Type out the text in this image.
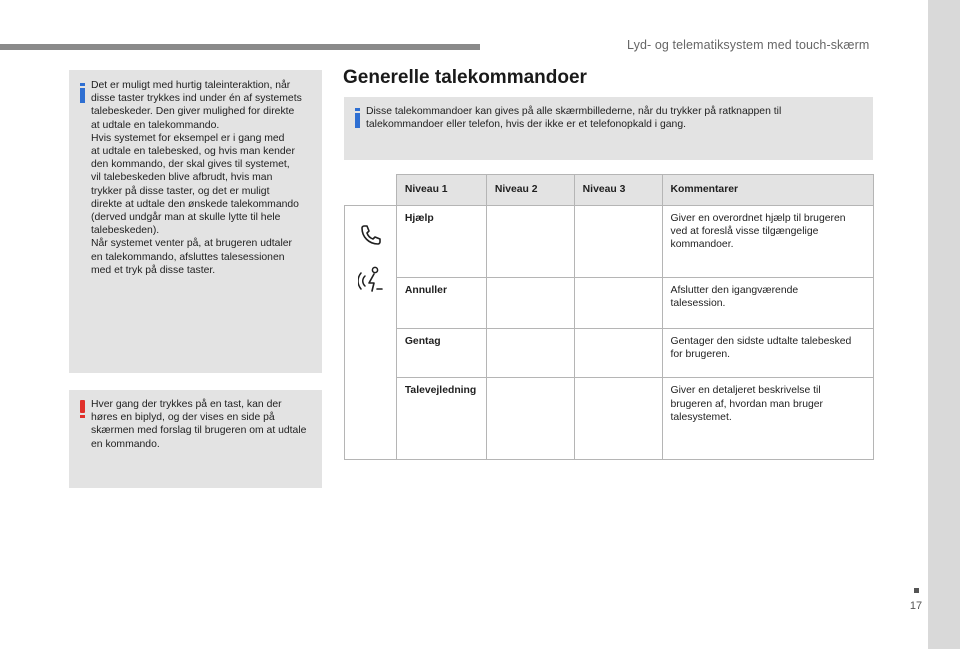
Lyd- og telematiksystem med touch-skærm
17

Det er muligt med hurtig taleinteraktion, når

disse taster trykkes ind under én af systemets

talebeskeder. Den giver mulighed for direkte

at udtale en talekommando.

Hvis systemet for eksempel er i gang med

at udtale en talebesked, og hvis man kender

den kommando, der skal gives til systemet,

vil talebeskeden blive afbrudt, hvis man

trykker på disse taster, og det er muligt

direkte at udtale den ønskede talekommando

(derved undgår man at skulle lytte til hele

talebeskeden).

Når systemet venter på, at brugeren udtaler

en talekommando, afsluttes talesessionen

med et tryk på disse taster.

Hver gang der trykkes på en tast, kan der

høres en biplyd, og der vises en side på

skærmen med forslag til brugeren om at udtale

en kommando.

Generelle talekommandoer

Disse talekommandoer kan gives på alle skærmbillederne, når du trykker på ratknappen til

talekommandoer eller telefon, hvis der ikke er et telefonopkald i gang.

	Niveau 1	Niveau 2	Niveau 3	Kommentarer

	Hjælp			Giver en overordnet hjælp til brugeren
ved at foreslå visse tilgængelige
kommandoer.

	Annuller			Afslutter den igangværende
talesession.

	Gentag			Gentager den sidste udtalte talebesked
for brugeren.

	Talevejledning			Giver en detaljeret beskrivelse til
brugeren af, hvordan man bruger
talesystemet.
